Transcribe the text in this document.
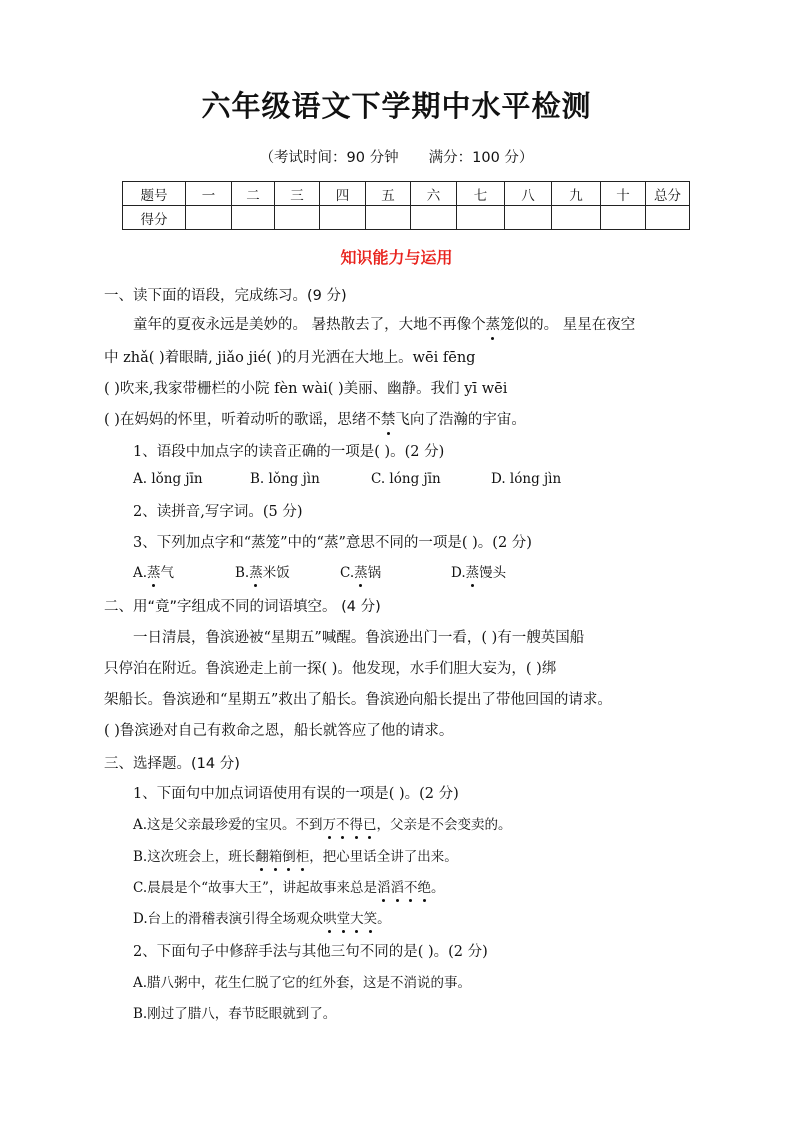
六年级语文下学期中水平检测
（考试时间：90 分钟 满分：100 分）
题号	一	二	三	四	五	六	七	八	九	十	总分
得分											
知识能力与运用
一、读下面的语段，完成练习。(9 分)
童年的夏夜永远是美妙的。 暑热散去了，大地不再像个蒸笼似的。 星星在夜空
中 zhǎ( )着眼睛, jiǎo jié( )的月光洒在大地上。wēi fēng
( )吹来,我家带栅栏的小院 fèn wài( )美丽、幽静。我们 yī wēi
( )在妈妈的怀里，听着动听的歌谣，思绪不禁飞向了浩瀚的宇宙。
1、语段中加点字的读音正确的一项是( )。(2 分)
A. lǒng jīn	B. lǒng jìn	C. lóng jīn	D. lóng jìn
2、读拼音,写字词。(5 分)
3、下列加点字和“蒸笼”中的“蒸”意思不同的一项是( )。(2 分)
A.蒸气	B.蒸米饭	C.蒸锅	D.蒸馒头
二、用“竟”字组成不同的词语填空。 (4 分)
一日清晨，鲁滨逊被“星期五”喊醒。鲁滨逊出门一看，( )有一艘英国船
只停泊在附近。鲁滨逊走上前一探( )。他发现，水手们胆大妄为，( )绑
架船长。鲁滨逊和“星期五”救出了船长。鲁滨逊向船长提出了带他回国的请求。
( )鲁滨逊对自己有救命之恩，船长就答应了他的请求。
三、选择题。(14 分)
1、下面句中加点词语使用有误的一项是( )。(2 分)
A.这是父亲最珍爱的宝贝。不到万不得已，父亲是不会变卖的。
B.这次班会上，班长翻箱倒柜，把心里话全讲了出来。
C.晨晨是个“故事大王”，讲起故事来总是滔滔不绝。
D.台上的滑稽表演引得全场观众哄堂大笑。
2、下面句子中修辞手法与其他三句不同的是( )。(2 分)
A.腊八粥中，花生仁脱了它的红外套，这是不消说的事。
B.刚过了腊八，春节眨眼就到了。
